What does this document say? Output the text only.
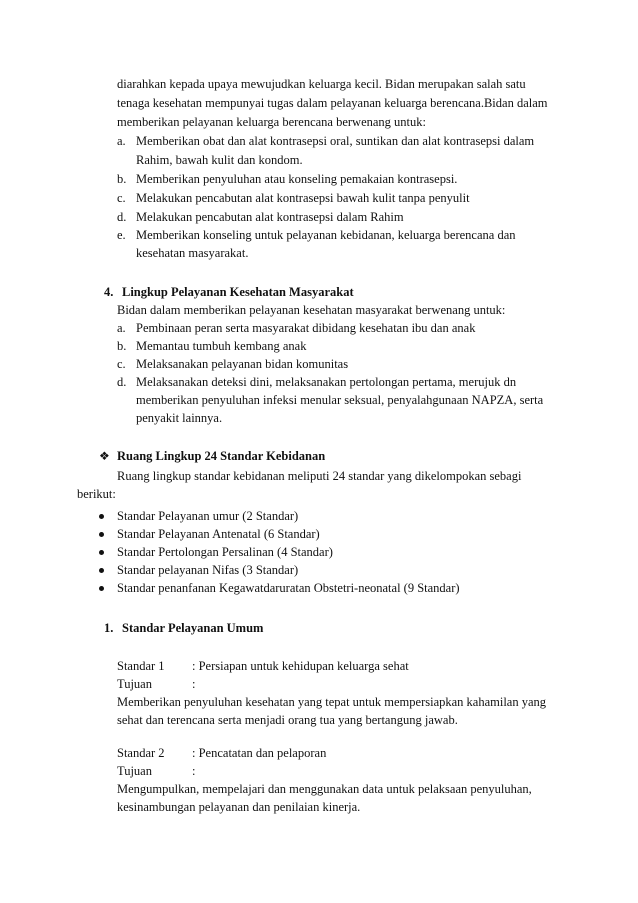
diarahkan kepada upaya mewujudkan keluarga kecil. Bidan merupakan salah satu
tenaga kesehatan mempunyai tugas dalam pelayanan keluarga berencana.Bidan dalam
memberikan pelayanan keluarga berencana berwenang untuk:
a. Memberikan obat dan alat kontrasepsi oral, suntikan dan alat kontrasepsi dalam
Rahim, bawah kulit dan kondom.
b. Memberikan penyuluhan atau konseling pemakaian kontrasepsi.
c. Melakukan pencabutan alat kontrasepsi bawah kulit tanpa penyulit
d. Melakukan pencabutan alat kontrasepsi dalam Rahim
e. Memberikan konseling untuk pelayanan kebidanan, keluarga berencana dan
kesehatan masyarakat.
4. Lingkup Pelayanan Kesehatan Masyarakat
Bidan dalam memberikan pelayanan kesehatan masyarakat berwenang untuk:
a. Pembinaan peran serta masyarakat dibidang kesehatan ibu dan anak
b. Memantau tumbuh kembang anak
c. Melaksanakan pelayanan bidan komunitas
d. Melaksanakan deteksi dini, melaksanakan pertolongan pertama, merujuk dn
memberikan penyuluhan infeksi menular seksual, penyalahgunaan NAPZA, serta
penyakit lainnya.
❖ Ruang Lingkup 24 Standar Kebidanan
Ruang lingkup standar kebidanan meliputi 24 standar yang dikelompokan sebagi
berikut:
Standar Pelayanan umur (2 Standar)
Standar Pelayanan Antenatal (6 Standar)
Standar Pertolongan Persalinan (4 Standar)
Standar pelayanan Nifas (3 Standar)
Standar penanfanan Kegawatdaruratan Obstetri-neonatal (9 Standar)
1. Standar Pelayanan Umum
Standar 1 : Persiapan untuk kehidupan keluarga sehat
Tujuan	:
Memberikan penyuluhan kesehatan yang tepat untuk mempersiapkan kahamilan yang
sehat dan terencana serta menjadi orang tua yang bertangung jawab.
Standar 2 : Pencatatan dan pelaporan
Tujuan	:
Mengumpulkan, mempelajari dan menggunakan data untuk pelaksaan penyuluhan,
kesinambungan pelayanan dan penilaian kinerja.
